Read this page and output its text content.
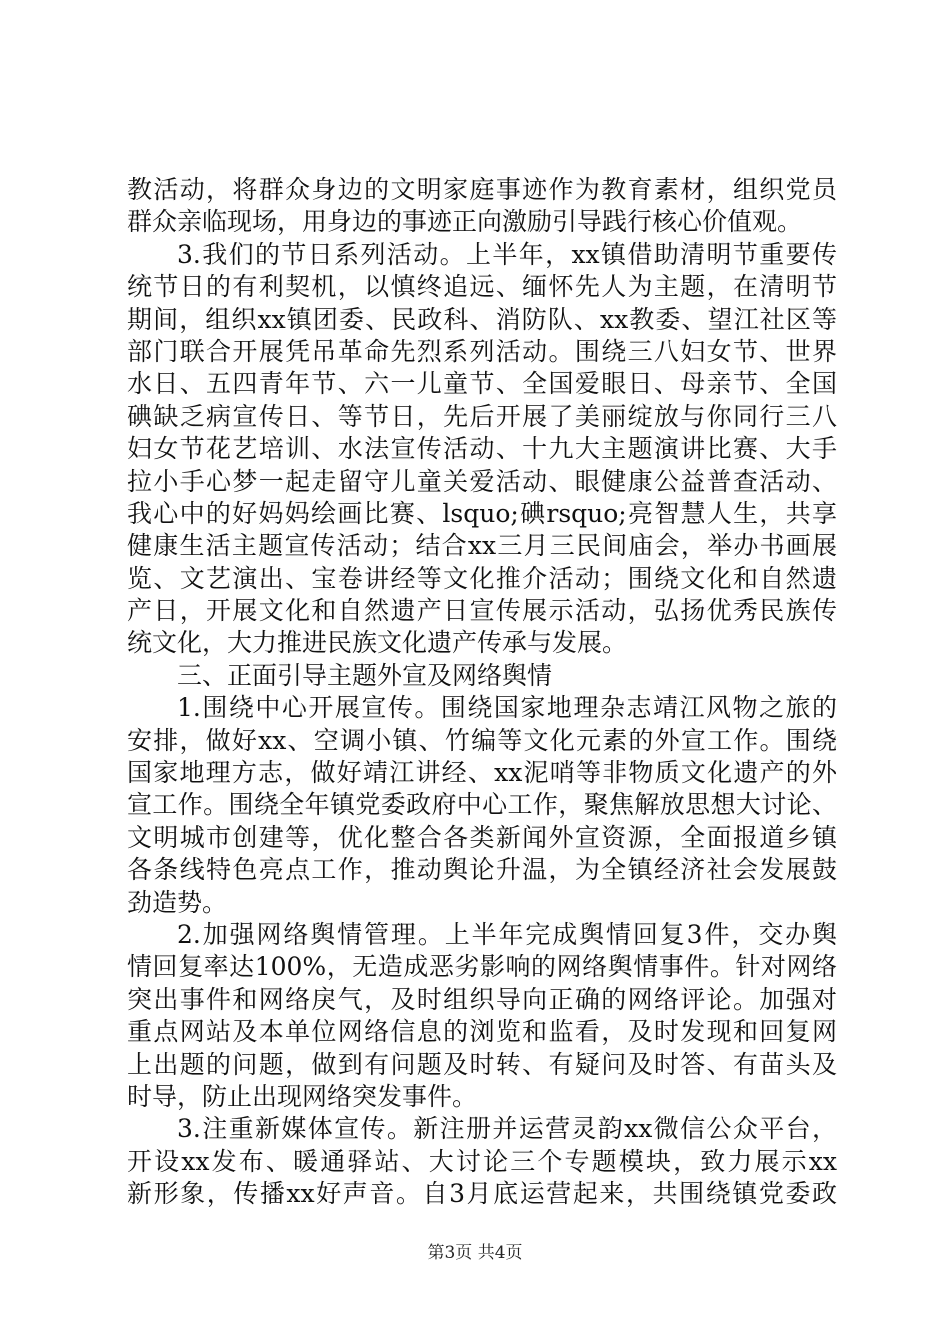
教活动，将群众身边的文明家庭事迹作为教育素材，组织党员
群众亲临现场，用身边的事迹正向激励引导践行核心价值观。
3.我们的节日系列活动。上半年，xx镇借助清明节重要传
统节日的有利契机，以慎终追远、缅怀先人为主题，在清明节
期间，组织xx镇团委、民政科、消防队、xx教委、望江社区等
部门联合开展凭吊革命先烈系列活动。围绕三八妇女节、世界
水日、五四青年节、六一儿童节、全国爱眼日、母亲节、全国
碘缺乏病宣传日、等节日，先后开展了美丽绽放与你同行三八
妇女节花艺培训、水法宣传活动、十九大主题演讲比赛、大手
拉小手心梦一起走留守儿童关爱活动、眼健康公益普查活动、
我心中的好妈妈绘画比赛、lsquo;碘rsquo;亮智慧人生，共享
健康生活主题宣传活动；结合xx三月三民间庙会，举办书画展
览、文艺演出、宝卷讲经等文化推介活动；围绕文化和自然遗
产日，开展文化和自然遗产日宣传展示活动，弘扬优秀民族传
统文化，大力推进民族文化遗产传承与发展。
三、正面引导主题外宣及网络舆情
1.围绕中心开展宣传。围绕国家地理杂志靖江风物之旅的
安排，做好xx、空调小镇、竹编等文化元素的外宣工作。围绕
国家地理方志，做好靖江讲经、xx泥哨等非物质文化遗产的外
宣工作。围绕全年镇党委政府中心工作，聚焦解放思想大讨论、
文明城市创建等，优化整合各类新闻外宣资源，全面报道乡镇
各条线特色亮点工作，推动舆论升温，为全镇经济社会发展鼓
劲造势。
2.加强网络舆情管理。上半年完成舆情回复3件，交办舆
情回复率达100%，无造成恶劣影响的网络舆情事件。针对网络
突出事件和网络戾气，及时组织导向正确的网络评论。加强对
重点网站及本单位网络信息的浏览和监看，及时发现和回复网
上出题的问题，做到有问题及时转、有疑问及时答、有苗头及
时导，防止出现网络突发事件。
3.注重新媒体宣传。新注册并运营灵韵xx微信公众平台，
开设xx发布、暖通驿站、大讨论三个专题模块，致力展示xx
新形象，传播xx好声音。自3月底运营起来，共围绕镇党委政
第3页 共4页
